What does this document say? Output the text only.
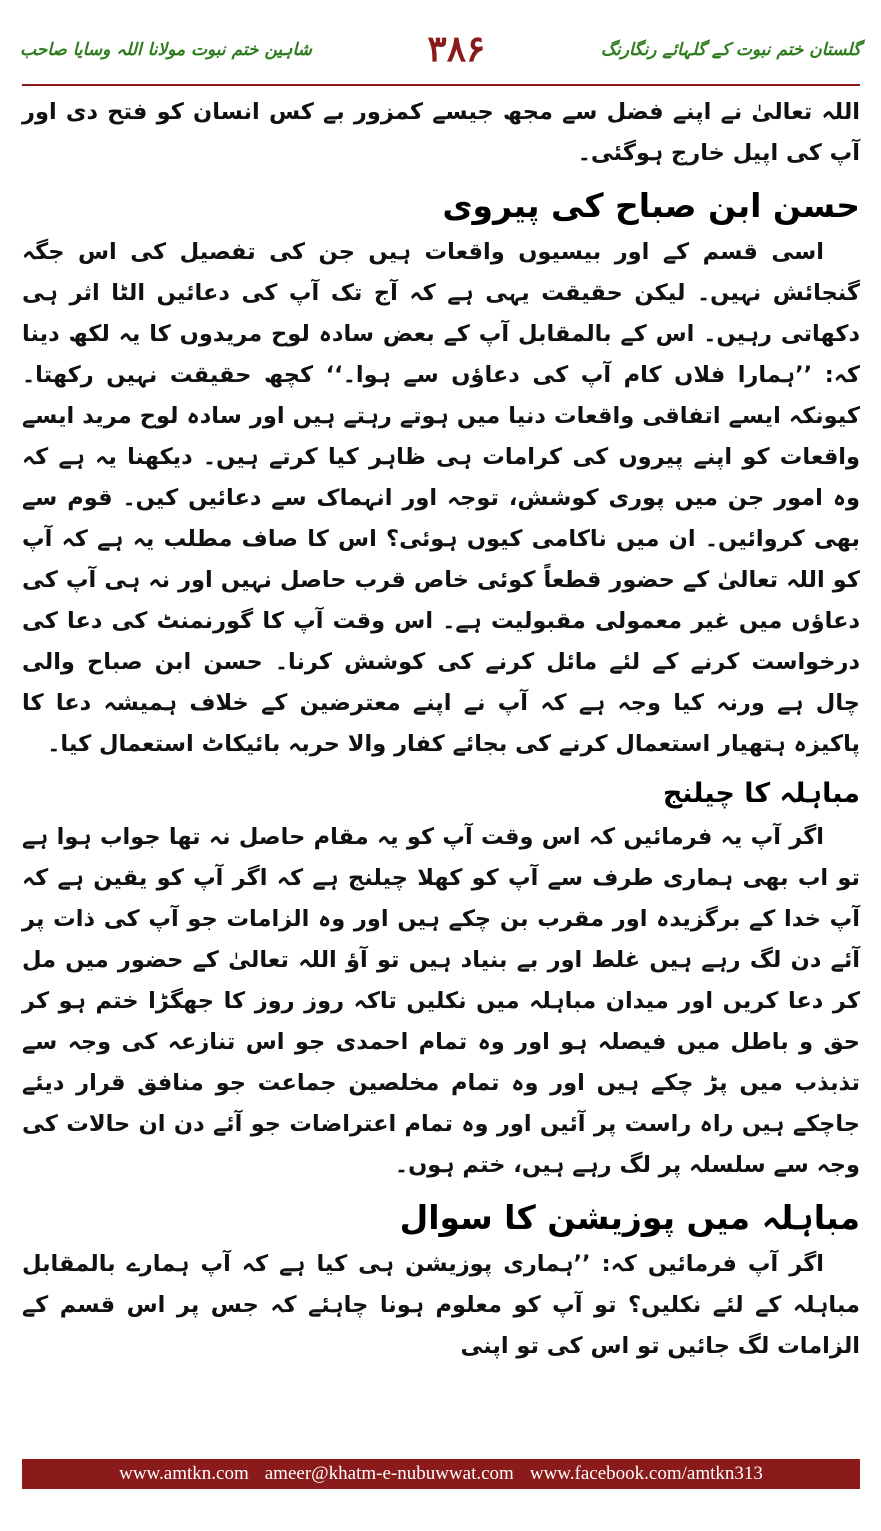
شاہین ختم نبوت مولانا اللہ وسایا صاحب	۳۸۶	گلستان ختم نبوت کے گلہائے رنگارنگ

اللہ تعالیٰ نے اپنے فضل سے مجھ جیسے کمزور بے کس انسان کو فتح دی اور آپ کی اپیل خارج ہوگئی۔

حسن ابن صباح کی پیروی

اسی قسم کے اور بیسیوں واقعات ہیں جن کی تفصیل کی اس جگہ گنجائش نہیں۔ لیکن حقیقت یہی ہے کہ آج تک آپ کی دعائیں الٹا اثر ہی دکھاتی رہیں۔ اس کے بالمقابل آپ کے بعض سادہ لوح مریدوں کا یہ لکھ دینا کہ: ’’ہمارا فلاں کام آپ کی دعاؤں سے ہوا۔‘‘ کچھ حقیقت نہیں رکھتا۔ کیونکہ ایسے اتفاقی واقعات دنیا میں ہوتے رہتے ہیں اور سادہ لوح مرید ایسے واقعات کو اپنے پیروں کی کرامات ہی ظاہر کیا کرتے ہیں۔ دیکھنا یہ ہے کہ وہ امور جن میں پوری کوشش، توجہ اور انہماک سے دعائیں کیں۔ قوم سے بھی کروائیں۔ ان میں ناکامی کیوں ہوئی؟ اس کا صاف مطلب یہ ہے کہ آپ کو اللہ تعالیٰ کے حضور قطعاً کوئی خاص قرب حاصل نہیں اور نہ ہی آپ کی دعاؤں میں غیر معمولی مقبولیت ہے۔ اس وقت آپ کا گورنمنٹ کی دعا کی درخواست کرنے کے لئے مائل کرنے کی کوشش کرنا۔ حسن ابن صباح والی چال ہے ورنہ کیا وجہ ہے کہ آپ نے اپنے معترضین کے خلاف ہمیشہ دعا کا پاکیزہ ہتھیار استعمال کرنے کی بجائے کفار والا حربہ بائیکاٹ استعمال کیا۔

مباہلہ کا چیلنج

اگر آپ یہ فرمائیں کہ اس وقت آپ کو یہ مقام حاصل نہ تھا جواب ہوا ہے تو اب بھی ہماری طرف سے آپ کو کھلا چیلنج ہے کہ اگر آپ کو یقین ہے کہ آپ خدا کے برگزیدہ اور مقرب بن چکے ہیں اور وہ الزامات جو آپ کی ذات پر آئے دن لگ رہے ہیں غلط اور بے بنیاد ہیں تو آؤ اللہ تعالیٰ کے حضور میں مل کر دعا کریں اور میدان مباہلہ میں نکلیں تاکہ روز روز کا جھگڑا ختم ہو کر حق و باطل میں فیصلہ ہو اور وہ تمام احمدی جو اس تنازعہ کی وجہ سے تذبذب میں پڑ چکے ہیں اور وہ تمام مخلصین جماعت جو منافق قرار دیئے جاچکے ہیں راہ راست پر آئیں اور وہ تمام اعتراضات جو آئے دن ان حالات کی وجہ سے سلسلہ پر لگ رہے ہیں، ختم ہوں۔

مباہلہ میں پوزیشن کا سوال

اگر آپ فرمائیں کہ: ’’ہماری پوزیشن ہی کیا ہے کہ آپ ہمارے بالمقابل مباہلہ کے لئے نکلیں؟ تو آپ کو معلوم ہونا چاہئے کہ جس پر اس قسم کے الزامات لگ جائیں تو اس کی تو اپنی

www.amtkn.com ameer@khatm-e-nubuwwat.com www.facebook.com/amtkn313
